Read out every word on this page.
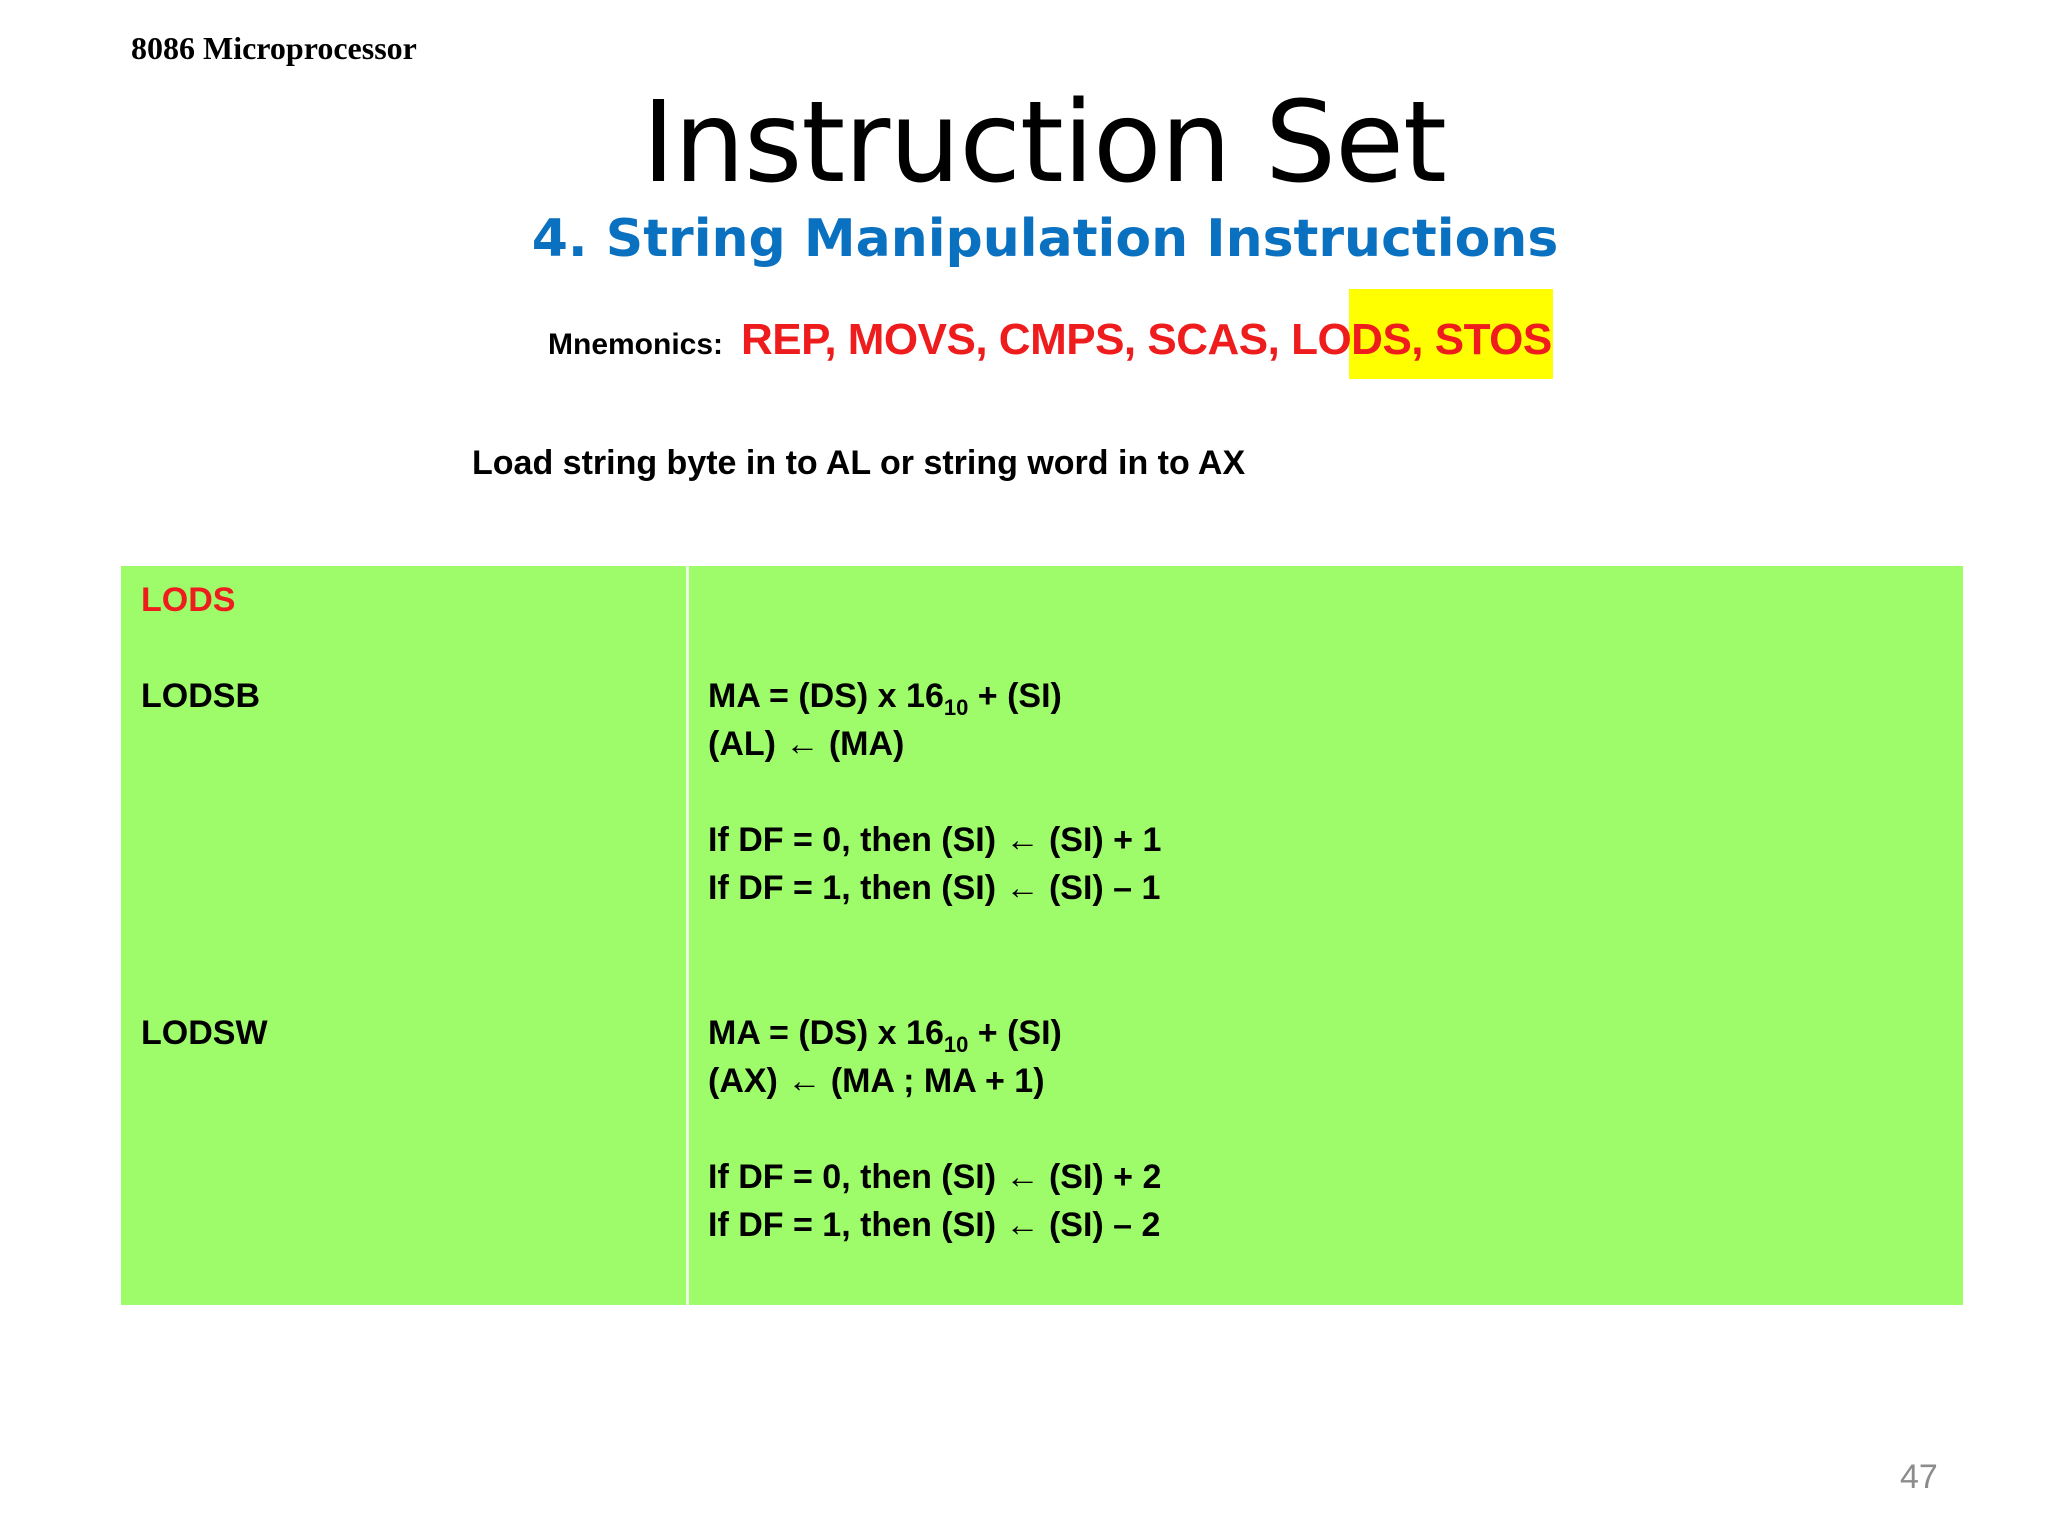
8086 Microprocessor
Instruction Set
4. String Manipulation Instructions
Mnemonics: REP, MOVS, CMPS, SCAS, LODS, STOS
Load string byte in to AL or string word in to AX
LODS
LODSB	MA = (DS) x $16_{10} + (SI)$
(AL) ← (MA)
If DF = 0, then (SI) ← (SI) + 1
If DF = 1, then (SI) ← (SI) – 1
LODSW	MA = (DS) x $16_{10} + (SI)$
(AX) ← (MA ; MA + 1)
If DF = 0, then (SI) ← (SI) + 2
If DF = 1, then (SI) ← (SI) – 2
47
